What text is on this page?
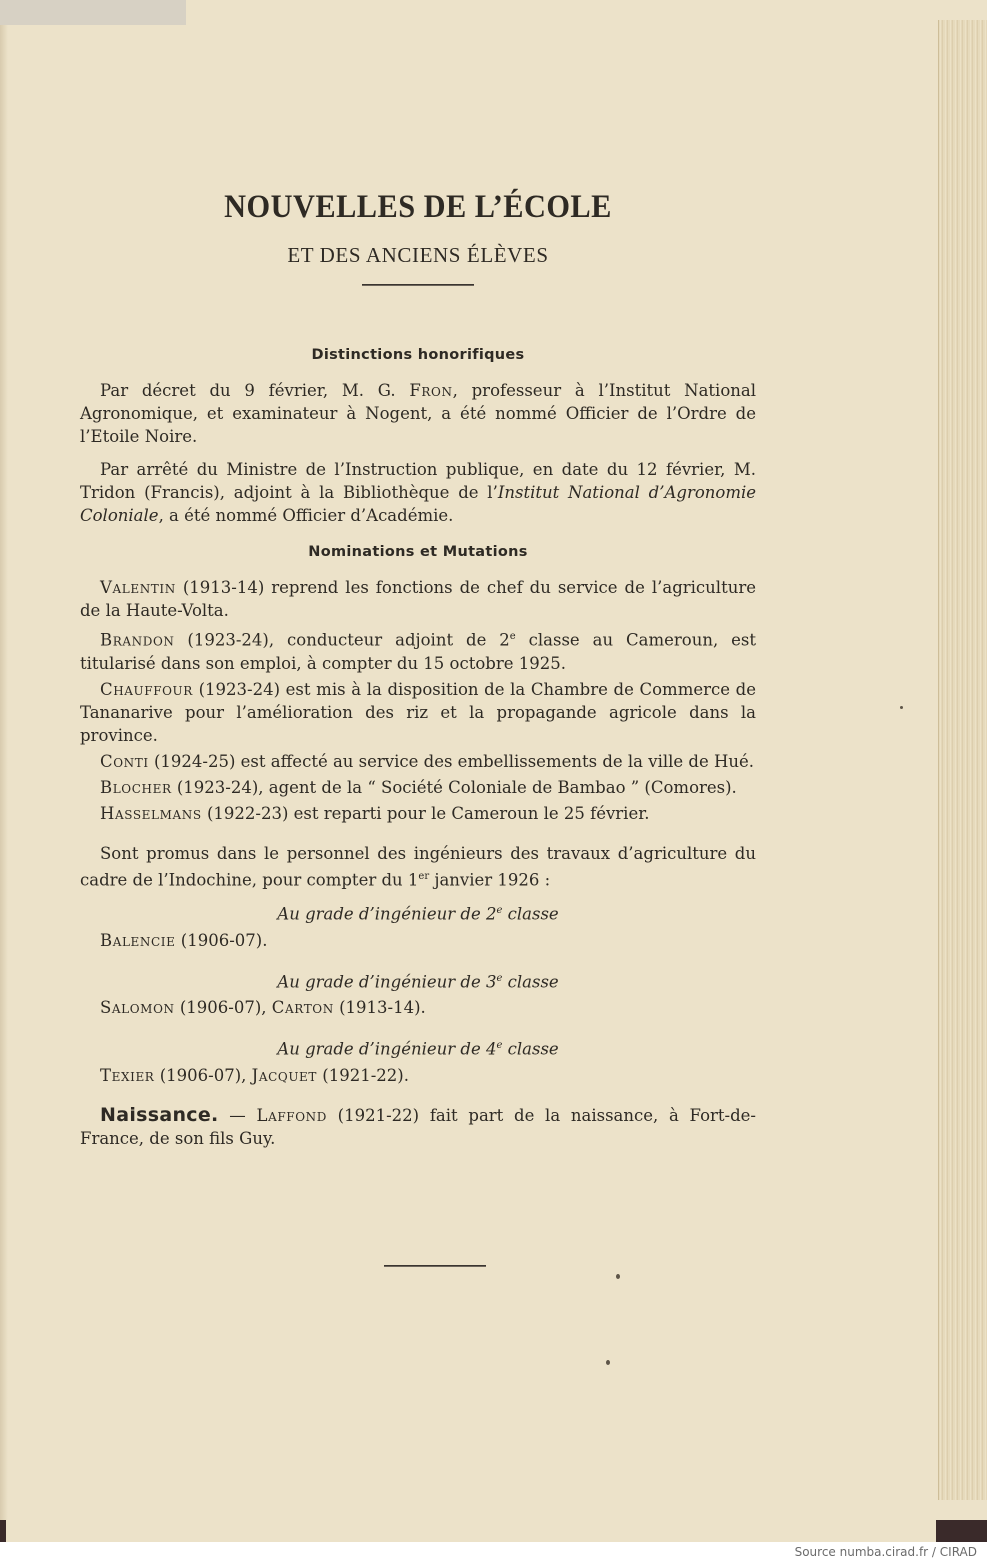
NOUVELLES DE L’ÉCOLE
ET DES ANCIENS ÉLÈVES
Distinctions honorifiques

Par décret du 9 février, M. G. Fron, professeur à l’Institut National Agronomique, et examinateur à Nogent, a été nommé Officier de l’Ordre de l’Etoile Noire.

Par arrêté du Ministre de l’Instruction publique, en date du 12 février, M. Tridon (Francis), adjoint à la Bibliothèque de l’Institut National d’Agronomie Coloniale, a été nommé Officier d’Académie.

Nominations et Mutations

Valentin (1913-14) reprend les fonctions de chef du service de l’agriculture de la Haute-Volta.

Brandon (1923-24), conducteur adjoint de 2e classe au Cameroun, est titularisé dans son emploi, à compter du 15 octobre 1925.

Chauffour (1923-24) est mis à la disposition de la Chambre de Commerce de Tananarive pour l’amélioration des riz et la propagande agricole dans la province.

Conti (1924-25) est affecté au service des embellissements de la ville de Hué.

Blocher (1923-24), agent de la “ Société Coloniale de Bambao ” (Comores).

Hasselmans (1922-23) est reparti pour le Cameroun le 25 février.

Sont promus dans le personnel des ingénieurs des travaux d’agriculture du cadre de l’Indochine, pour compter du 1er janvier 1926 :

Au grade d’ingénieur de 2e classe

Balencie (1906-07).

Au grade d’ingénieur de 3e classe

Salomon (1906-07), Carton (1913-14).

Au grade d’ingénieur de 4e classe

Texier (1906-07), Jacquet (1921-22).

Naissance. — Laffond (1921-22) fait part de la naissance, à Fort-de-France, de son fils Guy.

Source numba.cirad.fr / CIRAD
